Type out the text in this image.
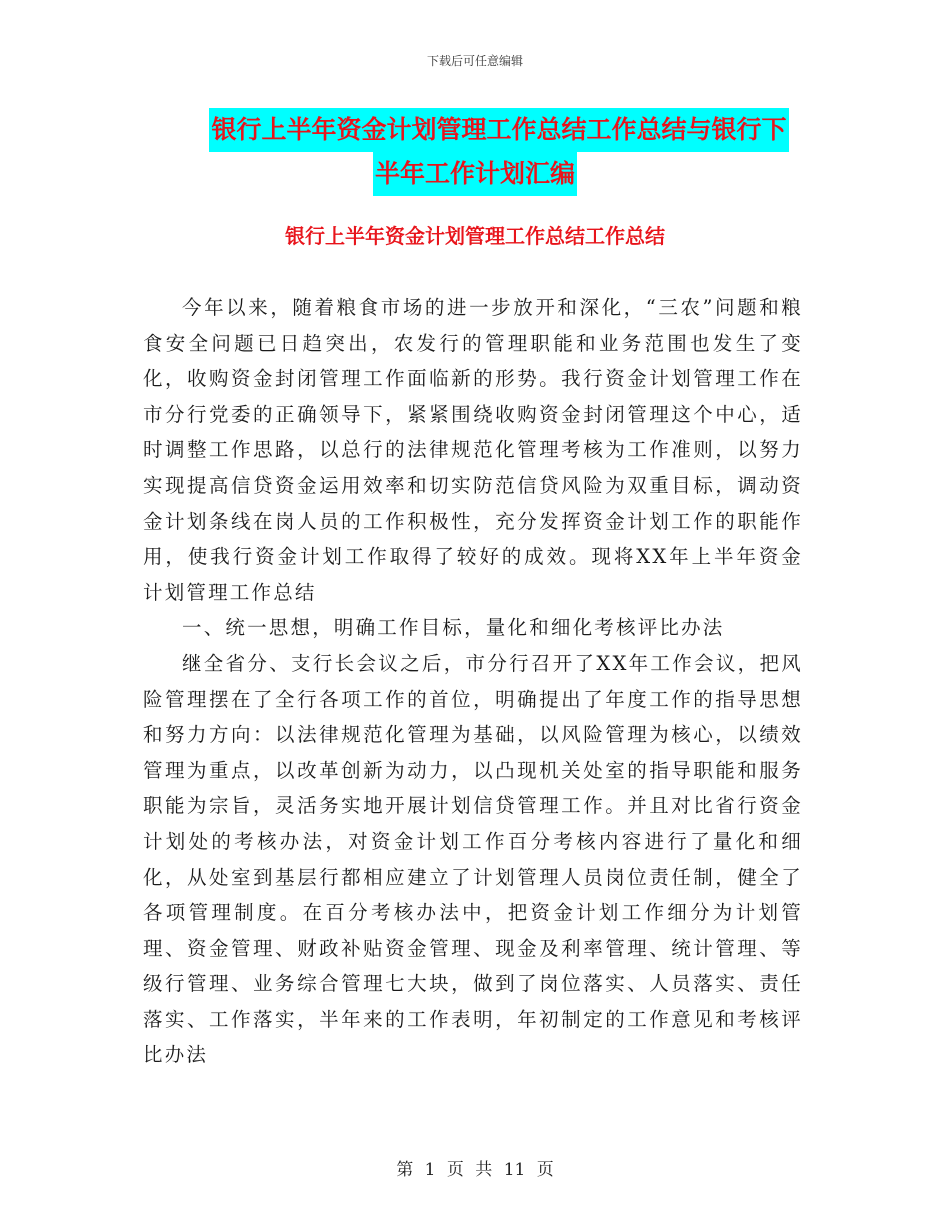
下载后可任意编辑
银行上半年资金计划管理工作总结工作总结与银行下
半年工作计划汇编
银行上半年资金计划管理工作总结工作总结

今年以来，随着粮食市场的进一步放开和深化，“三农”问题和粮食安全问题已日趋突出，农发行的管理职能和业务范围也发生了变化，收购资金封闭管理工作面临新的形势。我行资金计划管理工作在市分行党委的正确领导下，紧紧围绕收购资金封闭管理这个中心，适时调整工作思路，以总行的法律规范化管理考核为工作准则，以努力实现提高信贷资金运用效率和切实防范信贷风险为双重目标，调动资金计划条线在岗人员的工作积极性，充分发挥资金计划工作的职能作用，使我行资金计划工作取得了较好的成效。现将XX年上半年资金计划管理工作总结

一、统一思想，明确工作目标，量化和细化考核评比办法

继全省分、支行长会议之后，市分行召开了XX年工作会议，把风险管理摆在了全行各项工作的首位，明确提出了年度工作的指导思想和努力方向：以法律规范化管理为基础，以风险管理为核心，以绩效管理为重点，以改革创新为动力，以凸现机关处室的指导职能和服务职能为宗旨，灵活务实地开展计划信贷管理工作。并且对比省行资金计划处的考核办法，对资金计划工作百分考核内容进行了量化和细化，从处室到基层行都相应建立了计划管理人员岗位责任制，健全了各项管理制度。在百分考核办法中，把资金计划工作细分为计划管理、资金管理、财政补贴资金管理、现金及利率管理、统计管理、等级行管理、业务综合管理七大块，做到了岗位落实、人员落实、责任落实、工作落实，半年来的工作表明，年初制定的工作意见和考核评比办法

第 1 页 共 11 页
